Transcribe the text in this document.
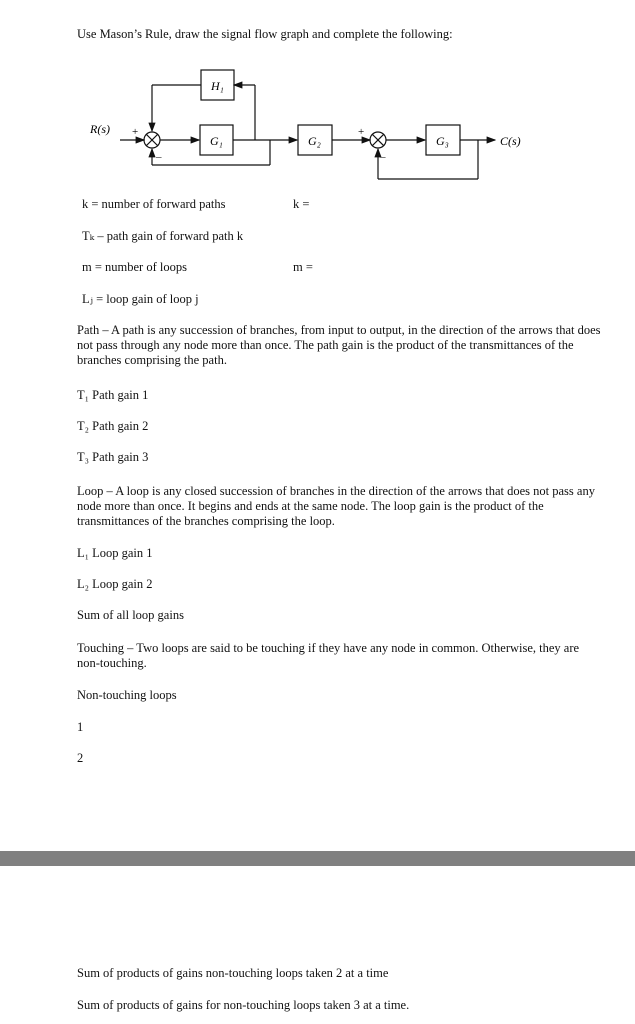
Use Mason’s Rule, draw the signal flow graph and complete the following:
R(s) +
–
+
–
H₁
G₁	G₂	G₃	C(s)
k = number of forward paths	k =
Tₖ – path gain of forward path k
m = number of loops	m =
Lⱼ = loop gain of loop j
Path – A path is any succession of branches, from input to output, in the direction of the arrows that does not pass through any node more than once. The path gain is the product of the transmittances of the branches comprising the path.
T₁ Path gain 1
T₂ Path gain 2
T₃ Path gain 3
Loop – A loop is any closed succession of branches in the direction of the arrows that does not pass any node more than once. It begins and ends at the same node. The loop gain is the product of the transmittances of the branches comprising the loop.
L₁ Loop gain 1
L₂ Loop gain 2
Sum of all loop gains
Touching – Two loops are said to be touching if they have any node in common. Otherwise, they are non-touching.
Non-touching loops
1
2
Sum of products of gains non-touching loops taken 2 at a time
Sum of products of gains for non-touching loops taken 3 at a time.
